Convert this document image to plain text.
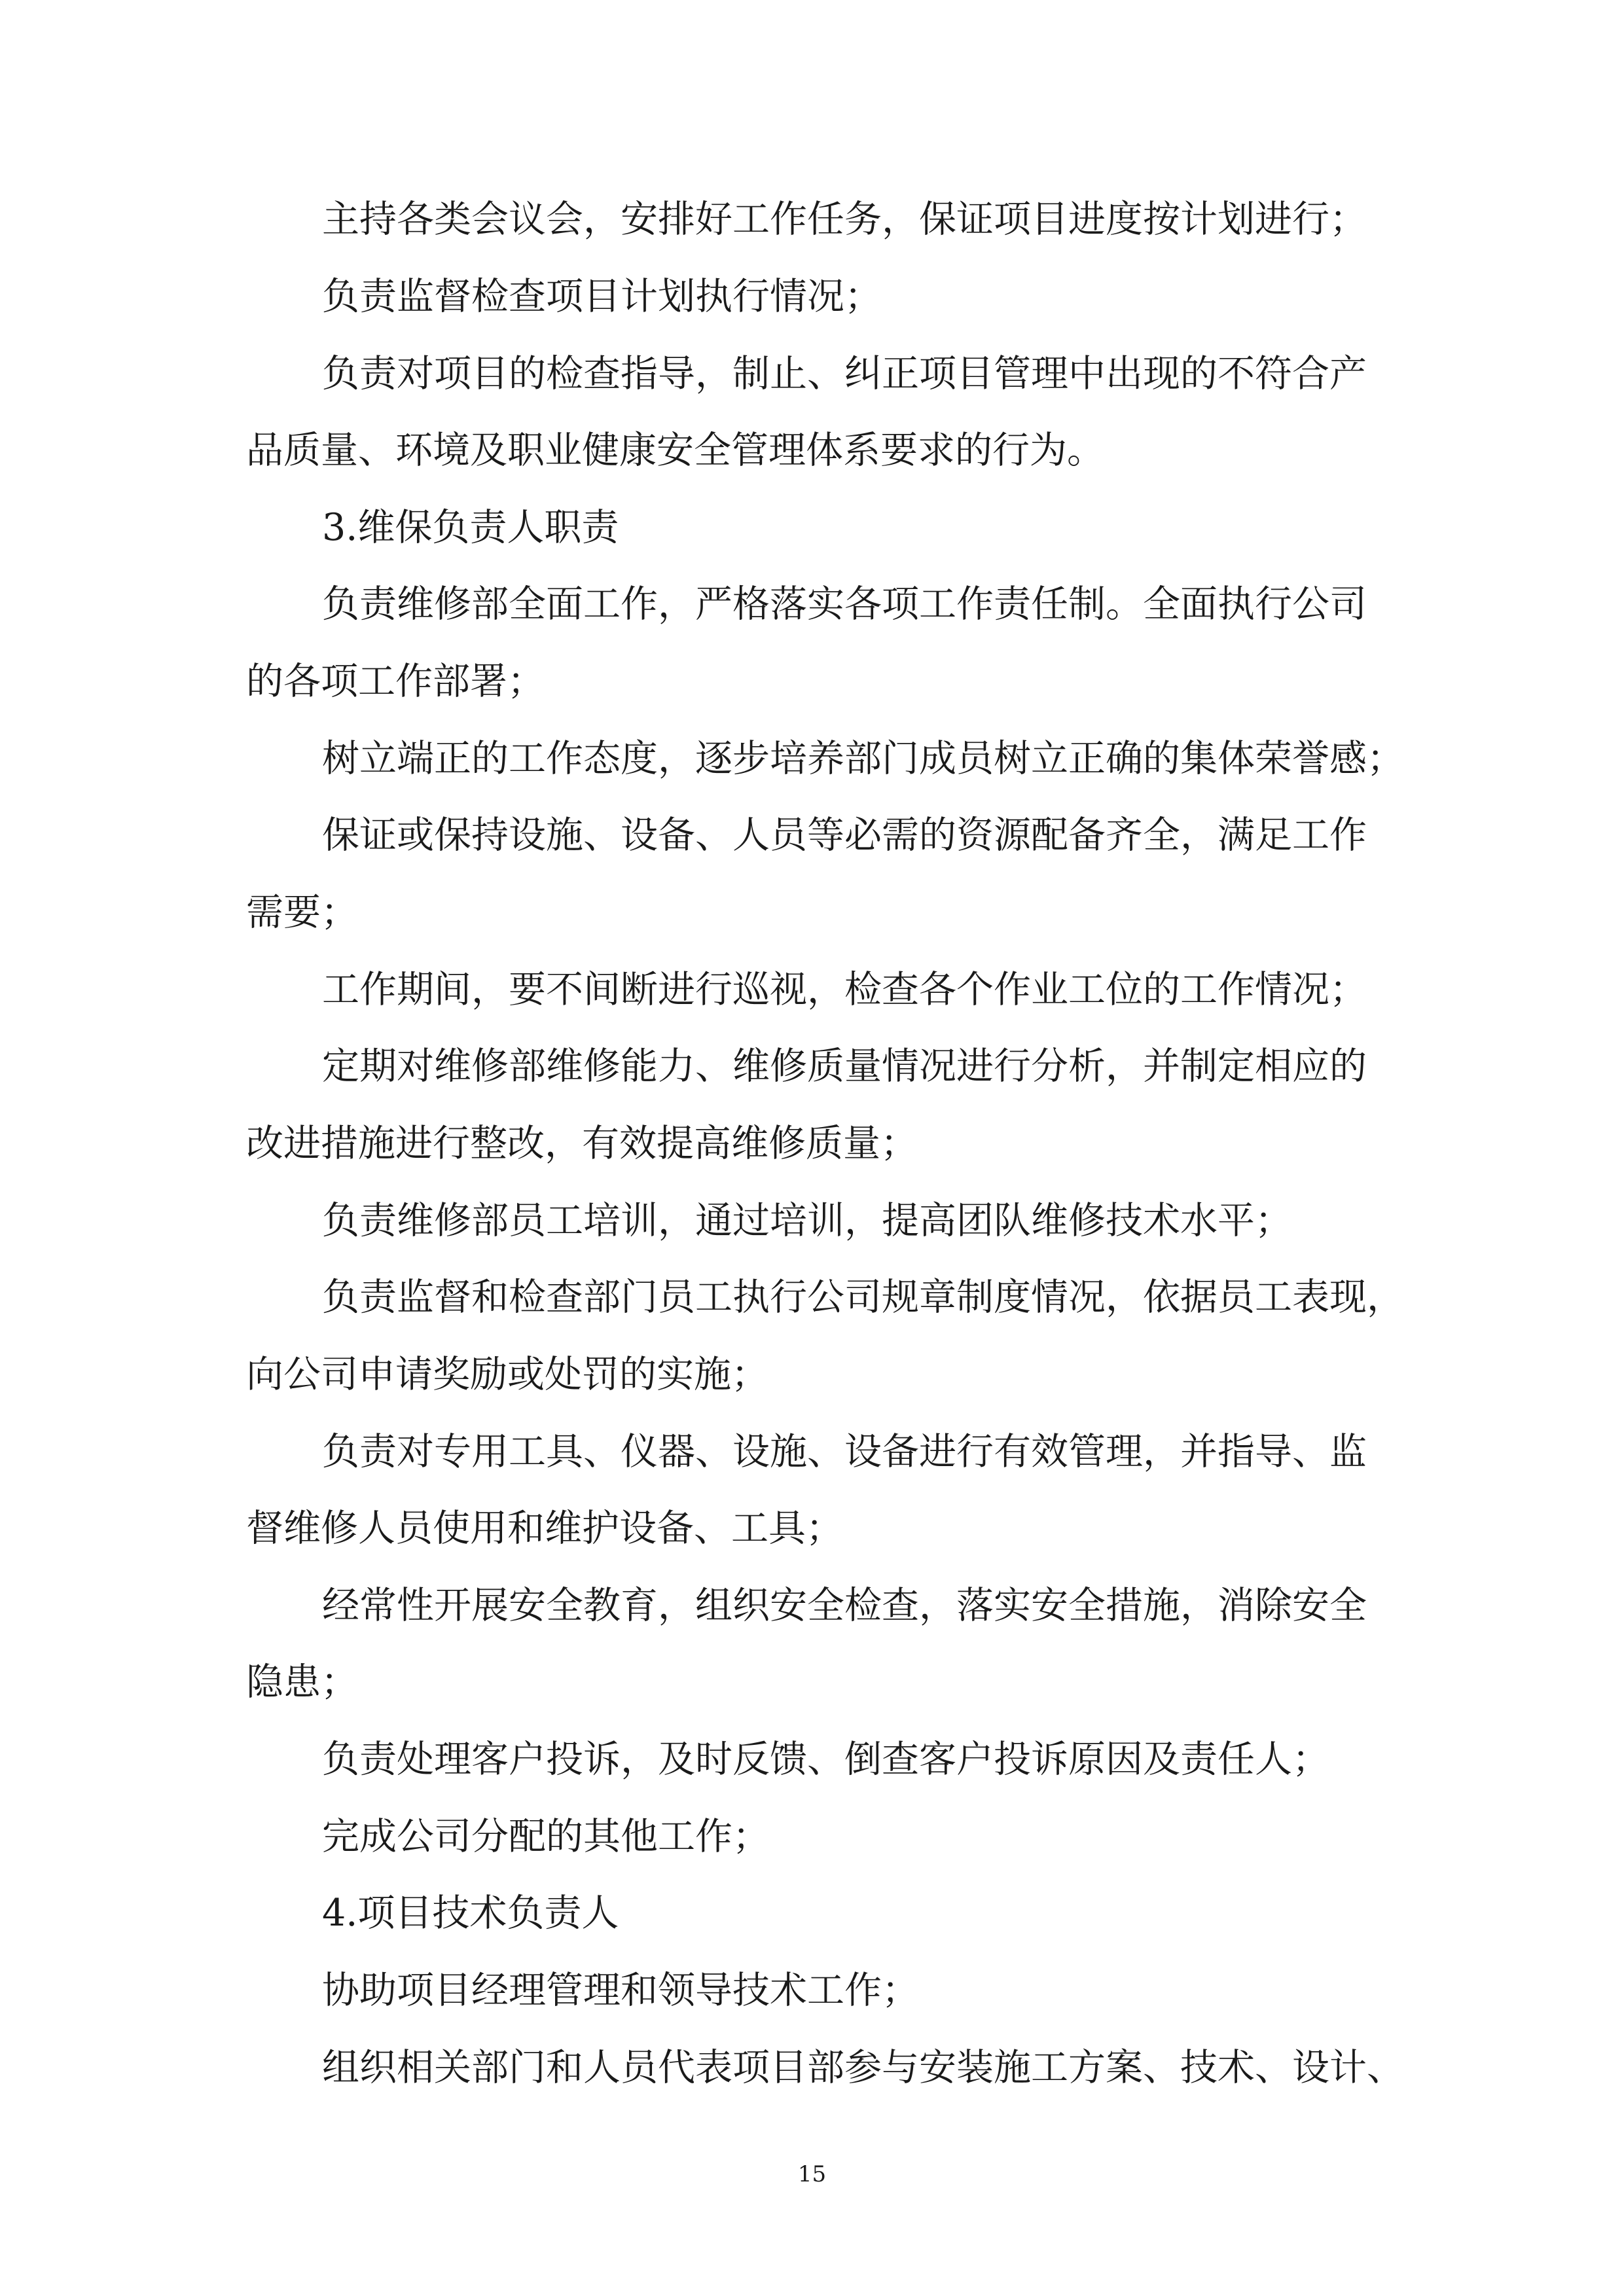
主持各类会议会，安排好工作任务，保证项目进度按计划进行；
负责监督检查项目计划执行情况；
负责对项目的检查指导，制止、纠正项目管理中出现的不符合产
品质量、环境及职业健康安全管理体系要求的行为。
3.维保负责人职责
负责维修部全面工作，严格落实各项工作责任制。全面执行公司
的各项工作部署；
树立端正的工作态度，逐步培养部门成员树立正确的集体荣誉感；
保证或保持设施、设备、人员等必需的资源配备齐全，满足工作
需要；
工作期间，要不间断进行巡视，检查各个作业工位的工作情况；
定期对维修部维修能力、维修质量情况进行分析，并制定相应的
改进措施进行整改，有效提高维修质量；
负责维修部员工培训，通过培训，提高团队维修技术水平；
负责监督和检查部门员工执行公司规章制度情况，依据员工表现，
向公司申请奖励或处罚的实施；
负责对专用工具、仪器、设施、设备进行有效管理，并指导、监
督维修人员使用和维护设备、工具；
经常性开展安全教育，组织安全检查，落实安全措施，消除安全
隐患；
负责处理客户投诉，及时反馈、倒查客户投诉原因及责任人；
完成公司分配的其他工作；
4.项目技术负责人
协助项目经理管理和领导技术工作；
组织相关部门和人员代表项目部参与安装施工方案、技术、设计、
15
